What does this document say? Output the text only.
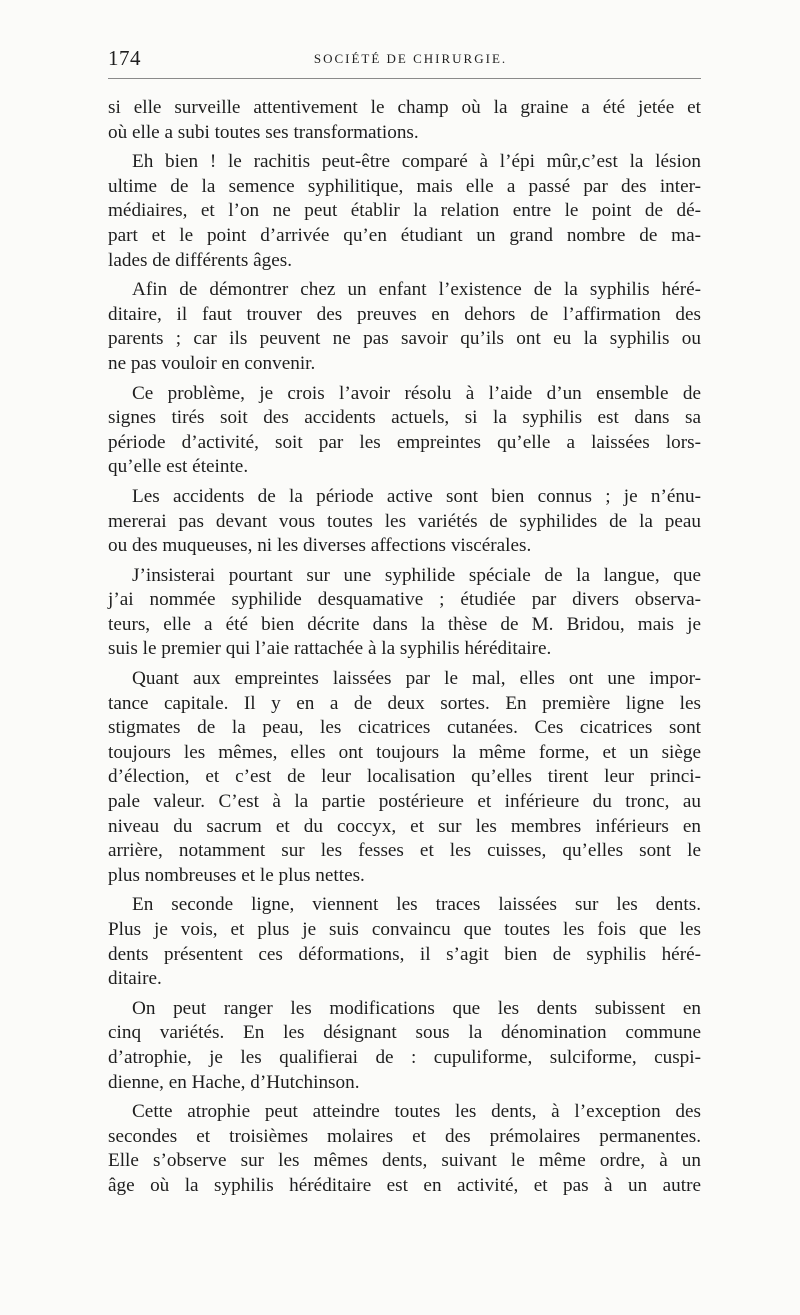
174	SOCIÉTÉ DE CHIRURGIE.

si elle surveille attentivement le champ où la graine a été jetée et

où elle a subi toutes ses transformations.

Eh bien ! le rachitis peut-être comparé à l’épi mûr,c’est la lésion

ultime de la semence syphilitique, mais elle a passé par des inter-

médiaires, et l’on ne peut établir la relation entre le point de dé-

part et le point d’arrivée qu’en étudiant un grand nombre de ma-

lades de différents âges.

Afin de démontrer chez un enfant l’existence de la syphilis héré-

ditaire, il faut trouver des preuves en dehors de l’affirmation des

parents ; car ils peuvent ne pas savoir qu’ils ont eu la syphilis ou

ne pas vouloir en convenir.

Ce problème, je crois l’avoir résolu à l’aide d’un ensemble de

signes tirés soit des accidents actuels, si la syphilis est dans sa

période d’activité, soit par les empreintes qu’elle a laissées lors-

qu’elle est éteinte.

Les accidents de la période active sont bien connus ; je n’énu-

mererai pas devant vous toutes les variétés de syphilides de la peau

ou des muqueuses, ni les diverses affections viscérales.

J’insisterai pourtant sur une syphilide spéciale de la langue, que

j’ai nommée syphilide desquamative ; étudiée par divers observa-

teurs, elle a été bien décrite dans la thèse de M. Bridou, mais je

suis le premier qui l’aie rattachée à la syphilis héréditaire.

Quant aux empreintes laissées par le mal, elles ont une impor-

tance capitale. Il y en a de deux sortes. En première ligne les

stigmates de la peau, les cicatrices cutanées. Ces cicatrices sont

toujours les mêmes, elles ont toujours la même forme, et un siège

d’élection, et c’est de leur localisation qu’elles tirent leur princi-

pale valeur. C’est à la partie postérieure et inférieure du tronc, au

niveau du sacrum et du coccyx, et sur les membres inférieurs en

arrière, notamment sur les fesses et les cuisses, qu’elles sont le

plus nombreuses et le plus nettes.

En seconde ligne, viennent les traces laissées sur les dents.

Plus je vois, et plus je suis convaincu que toutes les fois que les

dents présentent ces déformations, il s’agit bien de syphilis héré-

ditaire.

On peut ranger les modifications que les dents subissent en

cinq variétés. En les désignant sous la dénomination commune

d’atrophie, je les qualifierai de : cupuliforme, sulciforme, cuspi-

dienne, en Hache, d’Hutchinson.

Cette atrophie peut atteindre toutes les dents, à l’exception des

secondes et troisièmes molaires et des prémolaires permanentes.

Elle s’observe sur les mêmes dents, suivant le même ordre, à un

âge où la syphilis héréditaire est en activité, et pas à un autre
